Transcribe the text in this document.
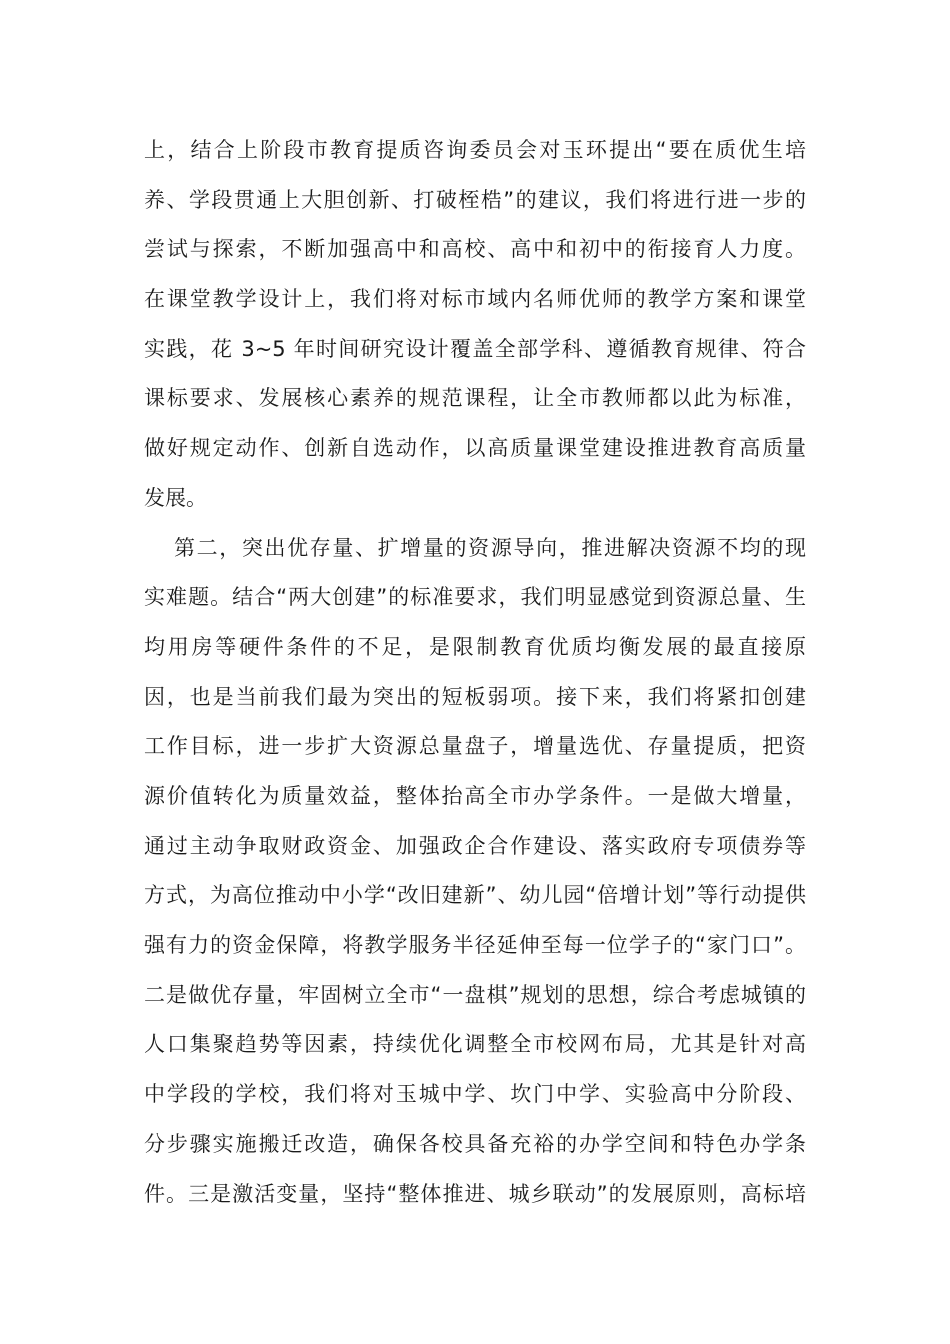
上，结合上阶段市教育提质咨询委员会对玉环提出“要在质优生培
养、学段贯通上大胆创新、打破桎梏”的建议，我们将进行进一步的
尝试与探索，不断加强高中和高校、高中和初中的衔接育人力度。
在课堂教学设计上，我们将对标市域内名师优师的教学方案和课堂
实践，花 3~5 年时间研究设计覆盖全部学科、遵循教育规律、符合
课标要求、发展核心素养的规范课程，让全市教师都以此为标准，
做好规定动作、创新自选动作，以高质量课堂建设推进教育高质量
发展。
第二，突出优存量、扩增量的资源导向，推进解决资源不均的现
实难题。结合“两大创建”的标准要求，我们明显感觉到资源总量、生
均用房等硬件条件的不足，是限制教育优质均衡发展的最直接原
因，也是当前我们最为突出的短板弱项。接下来，我们将紧扣创建
工作目标，进一步扩大资源总量盘子，增量选优、存量提质，把资
源价值转化为质量效益，整体抬高全市办学条件。一是做大增量，
通过主动争取财政资金、加强政企合作建设、落实政府专项债券等
方式，为高位推动中小学“改旧建新”、幼儿园“倍增计划”等行动提供
强有力的资金保障，将教学服务半径延伸至每一位学子的“家门口”。
二是做优存量，牢固树立全市“一盘棋”规划的思想，综合考虑城镇的
人口集聚趋势等因素，持续优化调整全市校网布局，尤其是针对高
中学段的学校，我们将对玉城中学、坎门中学、实验高中分阶段、
分步骤实施搬迁改造，确保各校具备充裕的办学空间和特色办学条
件。三是激活变量，坚持“整体推进、城乡联动”的发展原则，高标培
